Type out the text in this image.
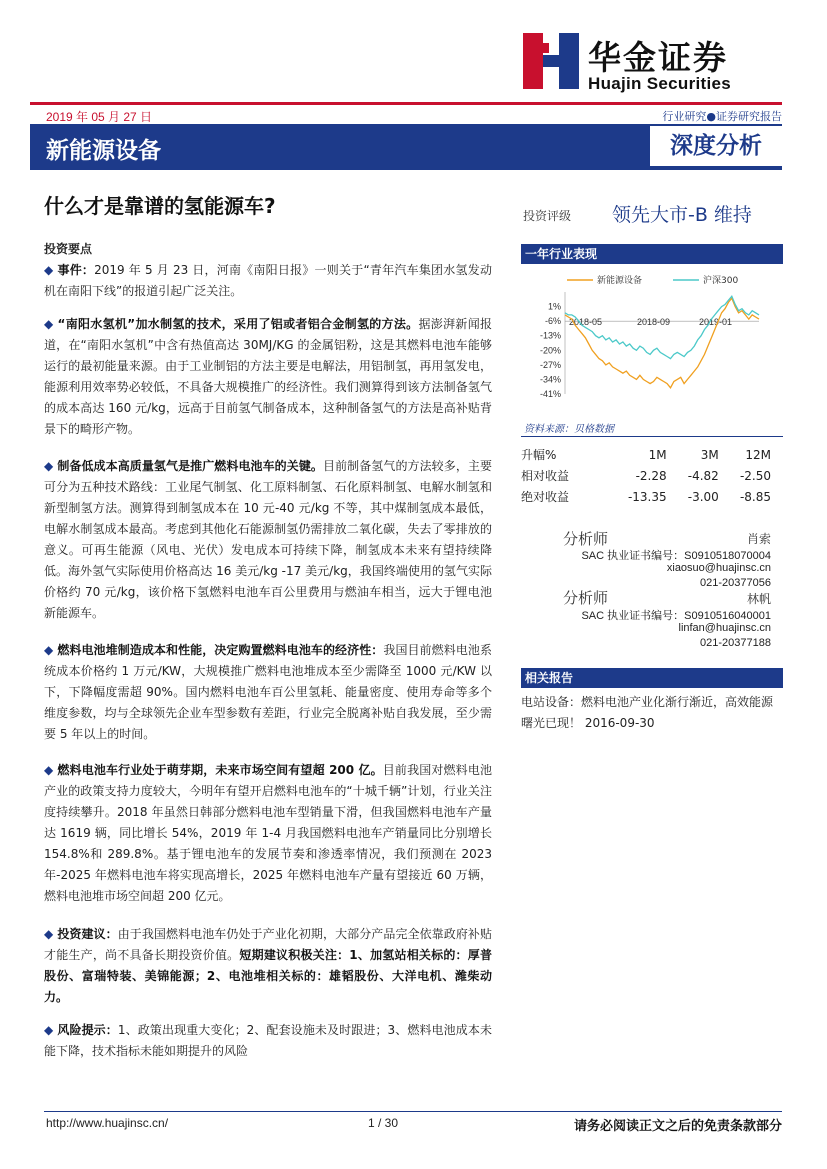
华金证券
Huajin Securities
2019 年 05 月 27 日	行业研究●证券研究报告
新能源设备	深度分析
什么才是靠谱的氢能源车?	投资评级 领先大市-B 维持
投资要点
◆ 事件：2019 年 5 月 23 日，河南《南阳日报》一则关于“青年汽车集团水氢发动机在南阳下线”的报道引起广泛关注。
◆ “南阳水氢机”加水制氢的技术，采用了铝或者铝合金制氢的方法。据澎湃新闻报道，在“南阳水氢机”中含有热值高达 30MJ/KG 的金属铝粉，这是其燃料电池车能够运行的最初能量来源。由于工业制铝的方法主要是电解法，用铝制氢，再用氢发电，能源利用效率势必较低，不具备大规模推广的经济性。我们测算得到该方法制备氢气的成本高达 160 元/kg，远高于目前氢气制备成本，这种制备氢气的方法是高补贴背景下的畸形产物。
◆ 制备低成本高质量氢气是推广燃料电池车的关键。目前制备氢气的方法较多，主要可分为五种技术路线：工业尾气制氢、化工原料制氢、石化原料制氢、电解水制氢和新型制氢方法。测算得到制氢成本在 10 元-40 元/kg 不等，其中煤制氢成本最低，电解水制氢成本最高。考虑到其他化石能源制氢仍需排放二氧化碳，失去了零排放的意义。可再生能源（风电、光伏）发电成本可持续下降，制氢成本未来有望持续降低。海外氢气实际使用价格高达 16 美元/kg -17 美元/kg，我国终端使用的氢气实际价格约 70 元/kg，该价格下氢燃料电池车百公里费用与燃油车相当，远大于锂电池新能源车。
◆ 燃料电池堆制造成本和性能，决定购置燃料电池车的经济性：我国目前燃料电池系统成本价格约 1 万元/KW，大规模推广燃料电池堆成本至少需降至 1000 元/KW 以下，下降幅度需超 90%。国内燃料电池车百公里氢耗、能量密度、使用寿命等多个维度参数，均与全球领先企业车型参数有差距，行业完全脱离补贴自我发展，至少需要 5 年以上的时间。
◆ 燃料电池车行业处于萌芽期，未来市场空间有望超 200 亿。目前我国对燃料电池产业的政策支持力度较大，今明年有望开启燃料电池车的“十城千辆”计划，行业关注度持续攀升。2018 年虽然日韩部分燃料电池车型销量下滑，但我国燃料电池车产量达 1619 辆，同比增长 54%，2019 年 1-4 月我国燃料电池车产销量同比分别增长 154.8%和 289.8%。基于锂电池车的发展节奏和渗透率情况，我们预测在 2023 年-2025 年燃料电池车将实现高增长，2025 年燃料电池车产量有望接近 60 万辆，燃料电池堆市场空间超 200 亿元。
◆ 投资建议：由于我国燃料电池车仍处于产业化初期，大部分产品完全依靠政府补贴才能生产，尚不具备长期投资价值。短期建议积极关注：1、加氢站相关标的：厚普股份、富瑞特装、美锦能源；2、电池堆相关标的：雄韬股份、大洋电机、潍柴动力。
◆ 风险提示：1、政策出现重大变化；2、配套设施未及时跟进；3、燃料电池成本未能下降，技术指标未能如期提升的风险
一年行业表现
新能源设备	沪深300
1%
-6%
-13%
-20%
-27%
-34%
-41%
2018-05	2018-09	2019-01
资料来源：贝格数据
升幅%	1M	3M	12M
相对收益	-2.28	-4.82	-2.50
绝对收益	-13.35	-3.00	-8.85
分析师	肖索
SAC 执业证书编号：S0910518070004
xiaosuo@huajinsc.cn
021-20377056
分析师	林帆
SAC 执业证书编号：S0910516040001
linfan@huajinsc.cn
021-20377188
相关报告
电站设备：燃料电池产业化渐行渐近，高效能源曙光已现！ 2016-09-30
http://www.huajinsc.cn/	1 / 30	请务必阅读正文之后的免责条款部分
